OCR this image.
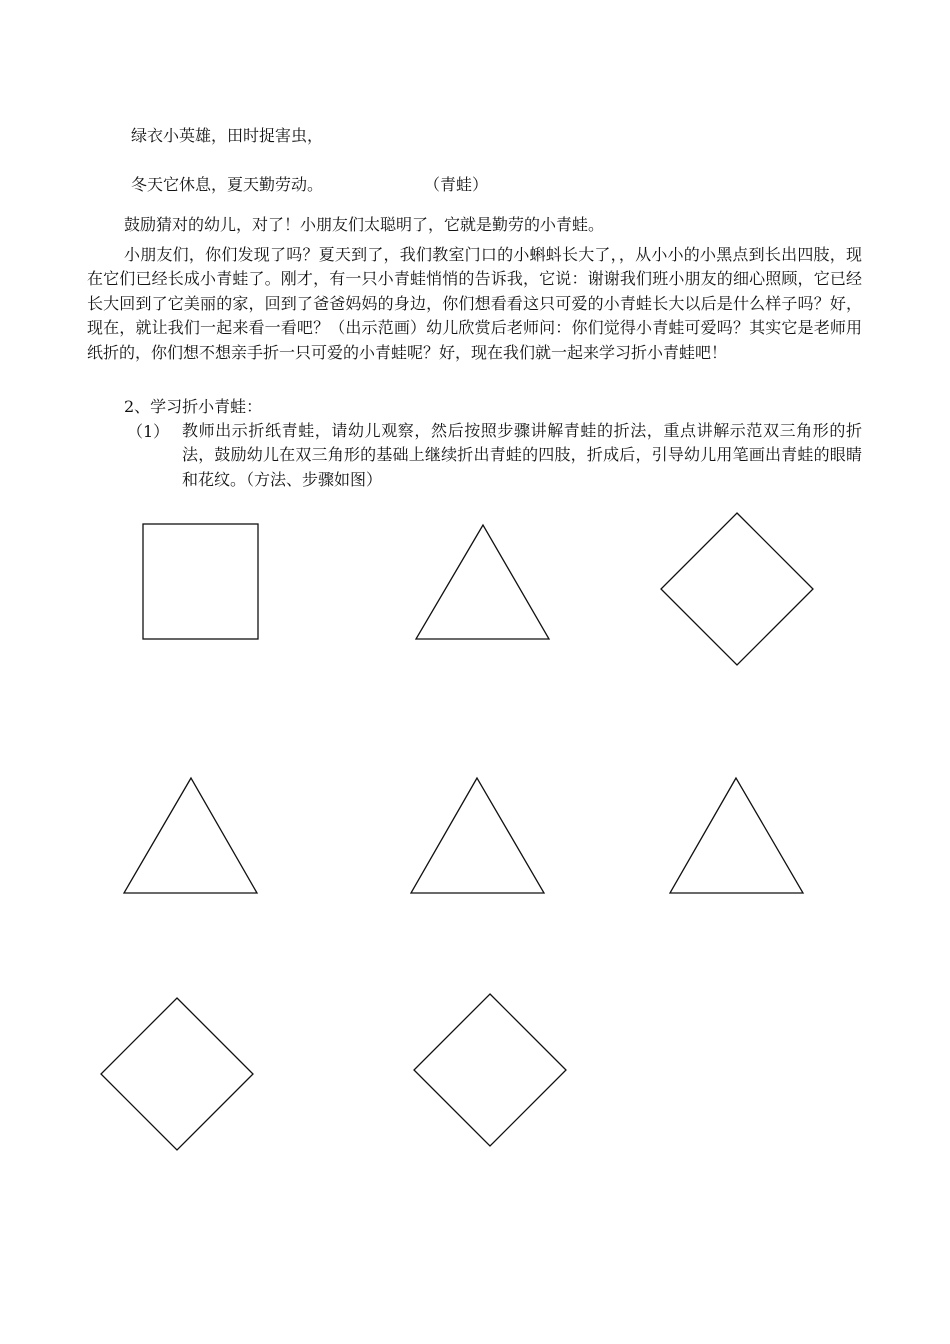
绿衣小英雄，田时捉害虫，
冬天它休息，夏天勤劳动。	（青蛙）
鼓励猜对的幼儿，对了！小朋友们太聪明了，它就是勤劳的小青蛙。
小朋友们，你们发现了吗？夏天到了，我们教室门口的小蝌蚪长大了，，从小小的小黑点到长出四肢，现在它们已经长成小青蛙了。刚才，有一只小青蛙悄悄的告诉我，它说：谢谢我们班小朋友的细心照顾，它已经长大回到了它美丽的家，回到了爸爸妈妈的身边，你们想看看这只可爱的小青蛙长大以后是什么样子吗？好，现在，就让我们一起来看一看吧？（出示范画）幼儿欣赏后老师问：你们觉得小青蛙可爱吗？其实它是老师用纸折的，你们想不想亲手折一只可爱的小青蛙呢？好，现在我们就一起来学习折小青蛙吧！
2、学习折小青蛙：
（1） 教师出示折纸青蛙，请幼儿观察，然后按照步骤讲解青蛙的折法，重点讲解示范双三角形的折法，鼓励幼儿在双三角形的基础上继续折出青蛙的四肢，折成后，引导幼儿用笔画出青蛙的眼睛和花纹。（方法、步骤如图）
